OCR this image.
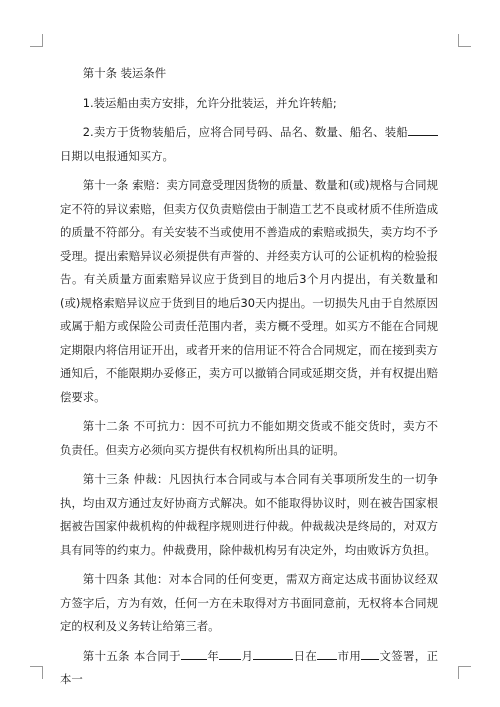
第十条 装运条件

1.装运船由卖方安排，允许分批装运，并允许转船;

2.卖方于货物装船后，应将合同号码、品名、数量、船名、装船日期以电报通知买方。

第十一条 索赔：卖方同意受理因货物的质量、数量和(或)规格与合同规定不符的异议索赔，但卖方仅负责赔偿由于制造工艺不良或材质不佳所造成的质量不符部分。有关安装不当或使用不善造成的索赔或损失，卖方均不予受理。提出索赔异议必须提供有声誉的、并经卖方认可的公证机构的检验报告。有关质量方面索赔异议应于货到目的地后3个月内提出，有关数量和(或)规格索赔异议应于货到目的地后30天内提出。一切损失凡由于自然原因或属于船方或保险公司责任范围内者，卖方概不受理。如买方不能在合同规定期限内将信用证开出，或者开来的信用证不符合合同规定，而在接到卖方通知后，不能限期办妥修正，卖方可以撤销合同或延期交货，并有权提出赔偿要求。

第十二条 不可抗力：因不可抗力不能如期交货或不能交货时，卖方不负责任。但卖方必须向买方提供有权机构所出具的证明。

第十三条 仲裁：凡因执行本合同或与本合同有关事项所发生的一切争执，均由双方通过友好协商方式解决。如不能取得协议时，则在被告国家根据被告国家仲裁机构的仲裁程序规则进行仲裁。仲裁裁决是终局的，对双方具有同等的约束力。仲裁费用，除仲裁机构另有决定外，均由败诉方负担。

第十四条 其他：对本合同的任何变更，需双方商定达成书面协议经双方签字后，方为有效，任何一方在未取得对方书面同意前，无权将本合同规定的权利及义务转让给第三者。

第十五条 本合同于 年 月	日在 市用 文签署，正本一
